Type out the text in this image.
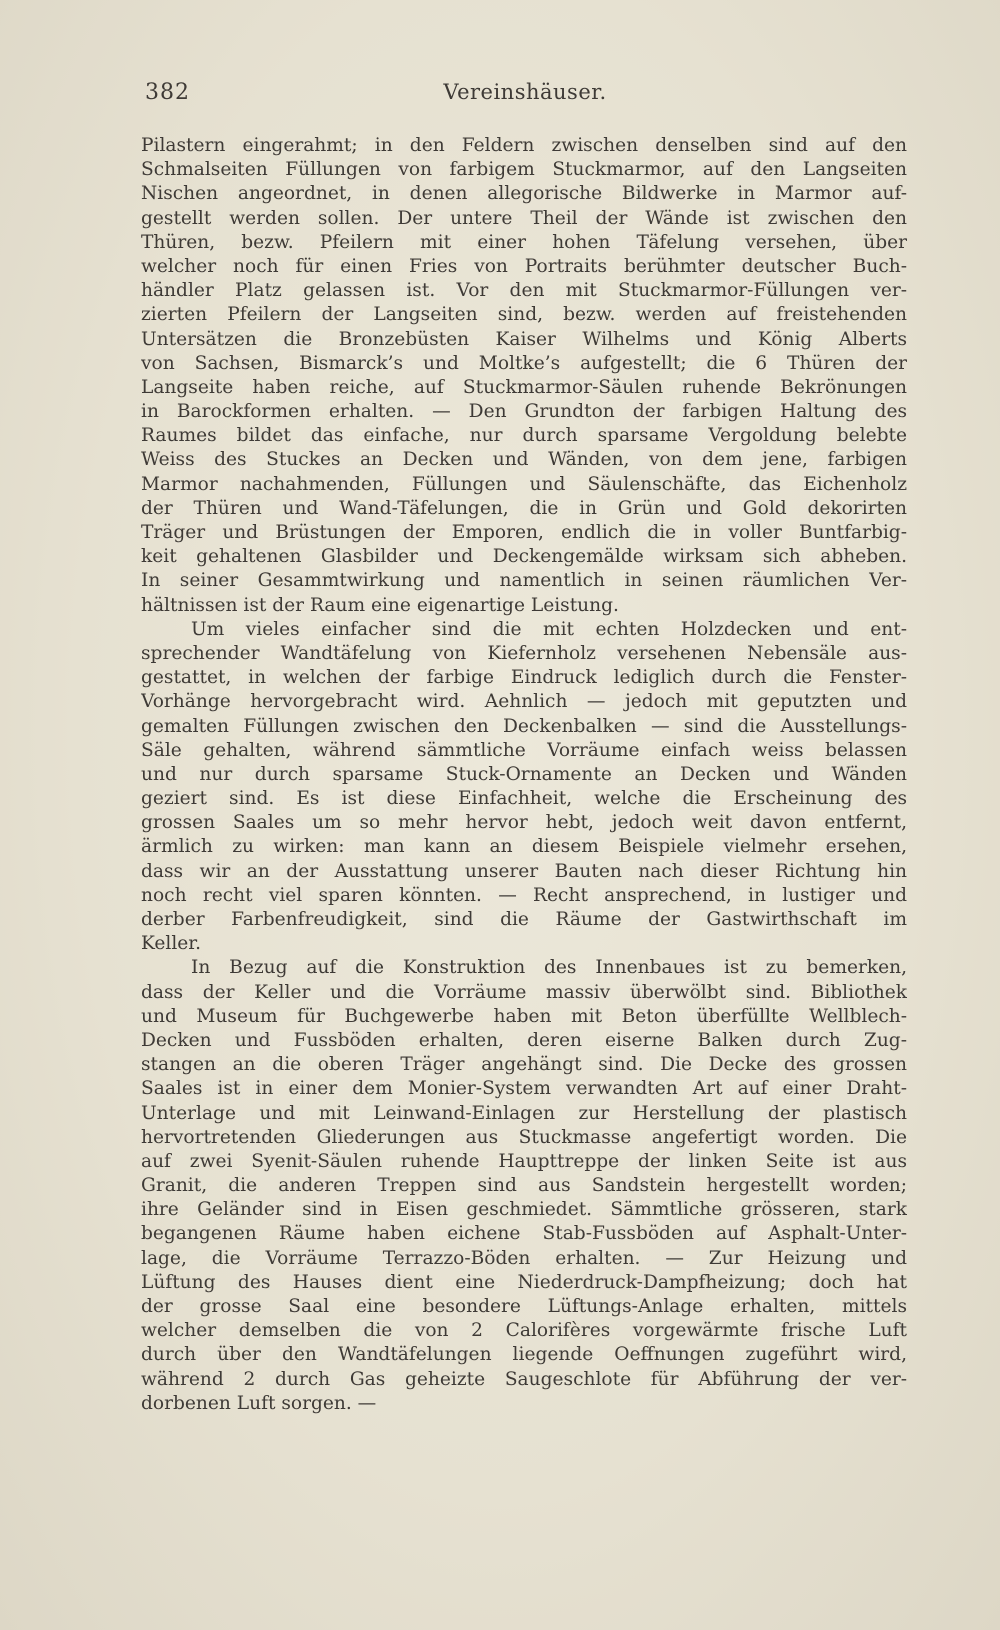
382	Vereinshäuser.
Pilastern eingerahmt; in den Feldern zwischen denselben sind auf den
Schmalseiten Füllungen von farbigem Stuckmarmor, auf den Langseiten
Nischen angeordnet, in denen allegorische Bildwerke in Marmor auf-
gestellt werden sollen. Der untere Theil der Wände ist zwischen den
Thüren, bezw. Pfeilern mit einer hohen Täfelung versehen, über
welcher noch für einen Fries von Portraits berühmter deutscher Buch-
händler Platz gelassen ist. Vor den mit Stuckmarmor-Füllungen ver-
zierten Pfeilern der Langseiten sind, bezw. werden auf freistehenden
Untersätzen die Bronzebüsten Kaiser Wilhelms und König Alberts
von Sachsen, Bismarck’s und Moltke’s aufgestellt; die 6 Thüren der
Langseite haben reiche, auf Stuckmarmor-Säulen ruhende Bekrönungen
in Barockformen erhalten. — Den Grundton der farbigen Haltung des
Raumes bildet das einfache, nur durch sparsame Vergoldung belebte
Weiss des Stuckes an Decken und Wänden, von dem jene, farbigen
Marmor nachahmenden, Füllungen und Säulenschäfte, das Eichenholz
der Thüren und Wand-Täfelungen, die in Grün und Gold dekorirten
Träger und Brüstungen der Emporen, endlich die in voller Buntfarbig-
keit gehaltenen Glasbilder und Deckengemälde wirksam sich abheben.
In seiner Gesammtwirkung und namentlich in seinen räumlichen Ver-
hältnissen ist der Raum eine eigenartige Leistung.
Um vieles einfacher sind die mit echten Holzdecken und ent-
sprechender Wandtäfelung von Kiefernholz versehenen Nebensäle aus-
gestattet, in welchen der farbige Eindruck lediglich durch die Fenster-
Vorhänge hervorgebracht wird. Aehnlich — jedoch mit geputzten und
gemalten Füllungen zwischen den Deckenbalken — sind die Ausstellungs-
Säle gehalten, während sämmtliche Vorräume einfach weiss belassen
und nur durch sparsame Stuck-Ornamente an Decken und Wänden
geziert sind. Es ist diese Einfachheit, welche die Erscheinung des
grossen Saales um so mehr hervor hebt, jedoch weit davon entfernt,
ärmlich zu wirken: man kann an diesem Beispiele vielmehr ersehen,
dass wir an der Ausstattung unserer Bauten nach dieser Richtung hin
noch recht viel sparen könnten. — Recht ansprechend, in lustiger und
derber Farbenfreudigkeit, sind die Räume der Gastwirthschaft im
Keller.
In Bezug auf die Konstruktion des Innenbaues ist zu bemerken,
dass der Keller und die Vorräume massiv überwölbt sind. Bibliothek
und Museum für Buchgewerbe haben mit Beton überfüllte Wellblech-
Decken und Fussböden erhalten, deren eiserne Balken durch Zug-
stangen an die oberen Träger angehängt sind. Die Decke des grossen
Saales ist in einer dem Monier-System verwandten Art auf einer Draht-
Unterlage und mit Leinwand-Einlagen zur Herstellung der plastisch
hervortretenden Gliederungen aus Stuckmasse angefertigt worden. Die
auf zwei Syenit-Säulen ruhende Haupttreppe der linken Seite ist aus
Granit, die anderen Treppen sind aus Sandstein hergestellt worden;
ihre Geländer sind in Eisen geschmiedet. Sämmtliche grösseren, stark
begangenen Räume haben eichene Stab-Fussböden auf Asphalt-Unter-
lage, die Vorräume Terrazzo-Böden erhalten. — Zur Heizung und
Lüftung des Hauses dient eine Niederdruck-Dampfheizung; doch hat
der grosse Saal eine besondere Lüftungs-Anlage erhalten, mittels
welcher demselben die von 2 Calorifères vorgewärmte frische Luft
durch über den Wandtäfelungen liegende Oeffnungen zugeführt wird,
während 2 durch Gas geheizte Saugeschlote für Abführung der ver-
dorbenen Luft sorgen. —
